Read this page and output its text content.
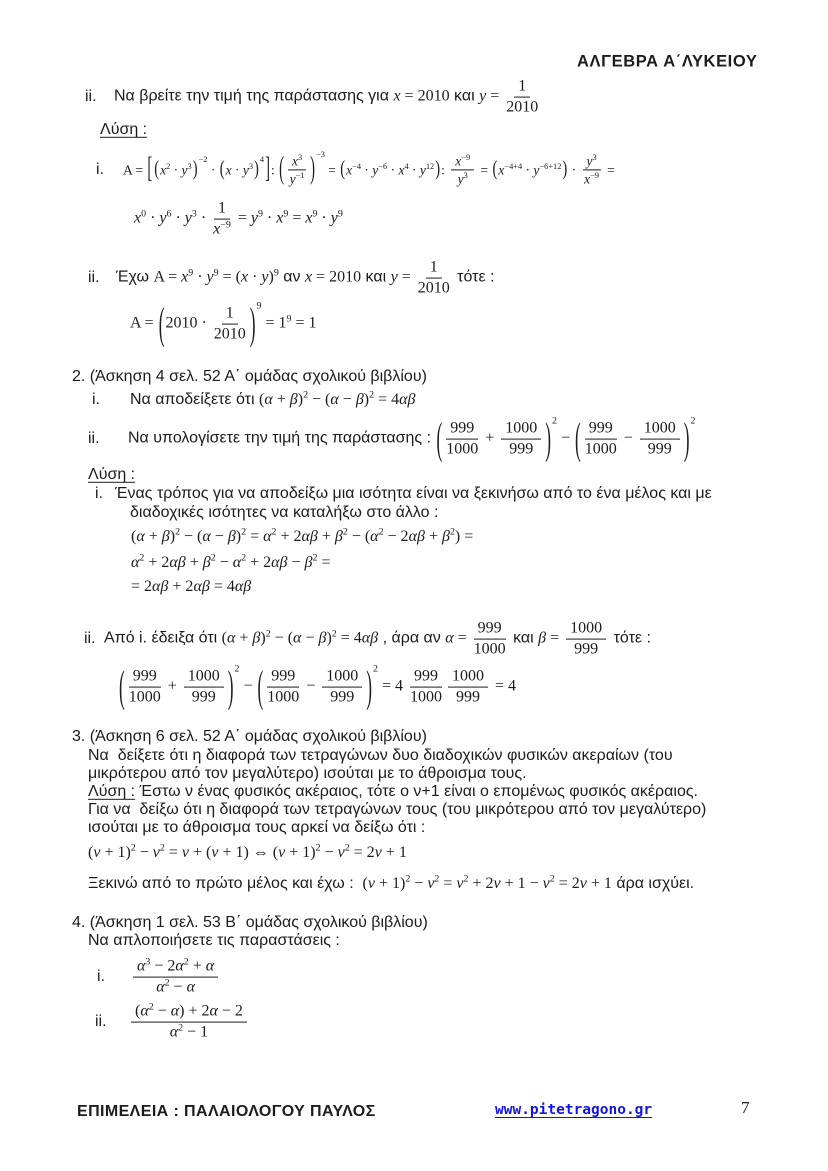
ΑΛΓΕΒΡΑ Α΄ΛΥΚΕΙΟΥ
ΕΠΙΜΕΛΕΙΑ : ΠΑΛΑΙΟΛΟΓΟΥ ΠΑΥΛΟΣ	www.pitetragono.gr	7
ii. Να βρείτε την τιμή της παράστασης για x = 2010 και $y = \frac{1}{2010}$
Λύση :
i. A = [ ( $x^2 \cdot y^3$ ) −2
· ( $x \cdot y^3$ ) 4 ] : ( $\frac{x^3}{y^{-1}}$ ) −3
= ( $x^{-4} \cdot y^{-6} \cdot x^4 \cdot y^{12}$ ) : $\frac{x^{-9}}{y^3}$ = ( $x^{-4+4} \cdot y^{-6+12}$ ) · $\frac{y^3}{x^{-9}}$ =
$x^0 \cdot y^6 \cdot y^3 \cdot \frac{1}{x^{-9}} = y^9 \cdot x^9 = x^9 \cdot y^9$
ii. Έχω $A = x^9 \cdot y^9 = (x \cdot y)^9$ αν x = 2010 και $y = \frac{1}{2010}$ τότε :
A = ( $2010 \cdot \frac{1}{2010}$ ) 9
= $1^9 = 1$
2. (Άσκηση 4 σελ. 52 Α΄ ομάδας σχολικού βιβλίου)
i. Να αποδείξετε ότι $(\alpha + \beta)^2 - (\alpha - \beta)^2 = 4\alpha\beta$
ii. Να υπολογίσετε την τιμή της παράστασης : ( $\frac{999}{1000} + \frac{1000}{999}$ ) 2
− ( $\frac{999}{1000} - \frac{1000}{999}$ ) 2
Λύση :
i. Ένας τρόπος για να αποδείξω μια ισότητα είναι να ξεκινήσω από το ένα μέλος και με
διαδοχικές ισότητες να καταλήξω στο άλλο :
$(\alpha + \beta)^2 - (\alpha - \beta)^2 = \alpha^2 + 2\alpha\beta + \beta^2 - (\alpha^2 - 2\alpha\beta + \beta^2)$ =
$\alpha^2 + 2\alpha\beta + \beta^2 - \alpha^2 + 2\alpha\beta - \beta^2$ =
= 2αβ + 2αβ = 4αβ
ii. Από i. έδειξα ότι $(\alpha + \beta)^2 - (\alpha - \beta)^2 = 4\alpha\beta$ , άρα αν $\alpha = \frac{999}{1000}$ και $\beta = \frac{1000}{999}$ τότε :
( $\frac{999}{1000} + \frac{1000}{999}$ ) 2
− ( $\frac{999}{1000} - \frac{1000}{999}$ ) 2
= $4 \frac{999}{1000} \frac{1000}{999} = 4$
3. (Άσκηση 6 σελ. 52 Α΄ ομάδας σχολικού βιβλίου)
Να  δείξετε ότι η διαφορά των τετραγώνων δυο διαδοχικών φυσικών ακεραίων (του
μικρότερου από τον μεγαλύτερο) ισούται με το άθροισμα τους.
Λύση : Έστω ν ένας φυσικός ακέραιος, τότε ο ν+1 είναι ο επομένως φυσικός ακέραιος.
Για να  δείξω ότι η διαφορά των τετραγώνων τους (του μικρότερου από τον μεγαλύτερο)
ισούται με το άθροισμα τους αρκεί να δείξω ότι :
$(\nu + 1)^2 - \nu^2 = \nu + (\nu + 1)$ ⇔ $(\nu + 1)^2 - \nu^2 = 2\nu + 1$
Ξεκινώ από το πρώτο μέλος και έχω : $(\nu + 1)^2 - \nu^2 = \nu^2 + 2\nu + 1 - \nu^2 = 2\nu + 1$ άρα ισχύει.
4. (Άσκηση 1 σελ. 53 Β΄ ομάδας σχολικού βιβλίου)
Να απλοποιήσετε τις παραστάσεις :
i. $\frac{\alpha^3 - 2\alpha^2 + \alpha}{\alpha^2 - \alpha}$
ii. $\frac{(\alpha^2 - \alpha) + 2\alpha - 2}{\alpha^2 - 1}$
